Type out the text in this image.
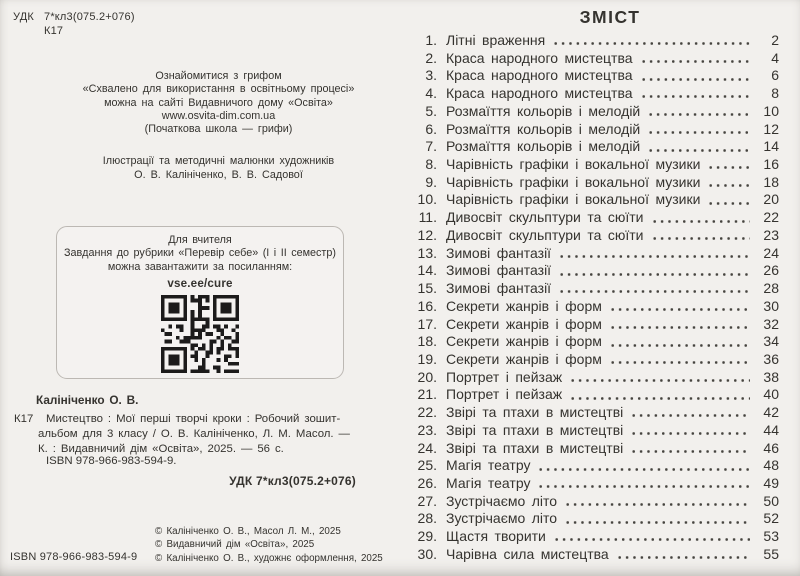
УДК 7*кл3(075.2+076)
К17
Ознайомитися з грифом
«Схвалено для використання в освітньому процесі»
можна на сайті Видавничого дому «Освіта»
www.osvita-dim.com.ua
(Початкова школа — грифи)
Ілюстрації та методичні малюнки художників
О. В. Калініченко, В. В. Садової
Для вчителя
Завдання до рубрики «Перевір себе» (І і ІІ семестр)
можна завантажити за посиланням:
vse.ee/cure
Калініченко О. В.
К17	Мистецтво : Мої перші творчі кроки : Робочий зошит-альбом для 3 класу / О. В. Калініченко, Л. М. Масол. — К. : Видавничий дім «Освіта», 2025. — 56 с.
ISBN 978-966-983-594-9.
УДК 7*кл3(075.2+076)
ISBN 978-966-983-594-9
© Калініченко О. В., Масол Л. М., 2025
© Видавничий дім «Освіта», 2025
© Калініченко О. В., художнє оформлення, 2025
ЗМІСТ
1. Літні враження	2
2. Краса народного мистецтва	4
3. Краса народного мистецтва	6
4. Краса народного мистецтва	8
5. Розмаїття кольорів і мелодій	10
6. Розмаїття кольорів і мелодій	12
7. Розмаїття кольорів і мелодій	14
8. Чарівність графіки і вокальної музики	16
9. Чарівність графіки і вокальної музики	18
10. Чарівність графіки і вокальної музики	20
11. Дивосвіт скульптури та сюїти	22
12. Дивосвіт скульптури та сюїти	23
13. Зимові фантазії	24
14. Зимові фантазії	26
15. Зимові фантазії	28
16. Секрети жанрів і форм	30
17. Секрети жанрів і форм	32
18. Секрети жанрів і форм	34
19. Секрети жанрів і форм	36
20. Портрет і пейзаж	38
21. Портрет і пейзаж	40
22. Звірі та птахи в мистецтві	42
23. Звірі та птахи в мистецтві	44
24. Звірі та птахи в мистецтві	46
25. Магія театру	48
26. Магія театру	49
27. Зустрічаємо літо	50
28. Зустрічаємо літо	52
29. Щастя творити	53
30. Чарівна сила мистецтва	55
